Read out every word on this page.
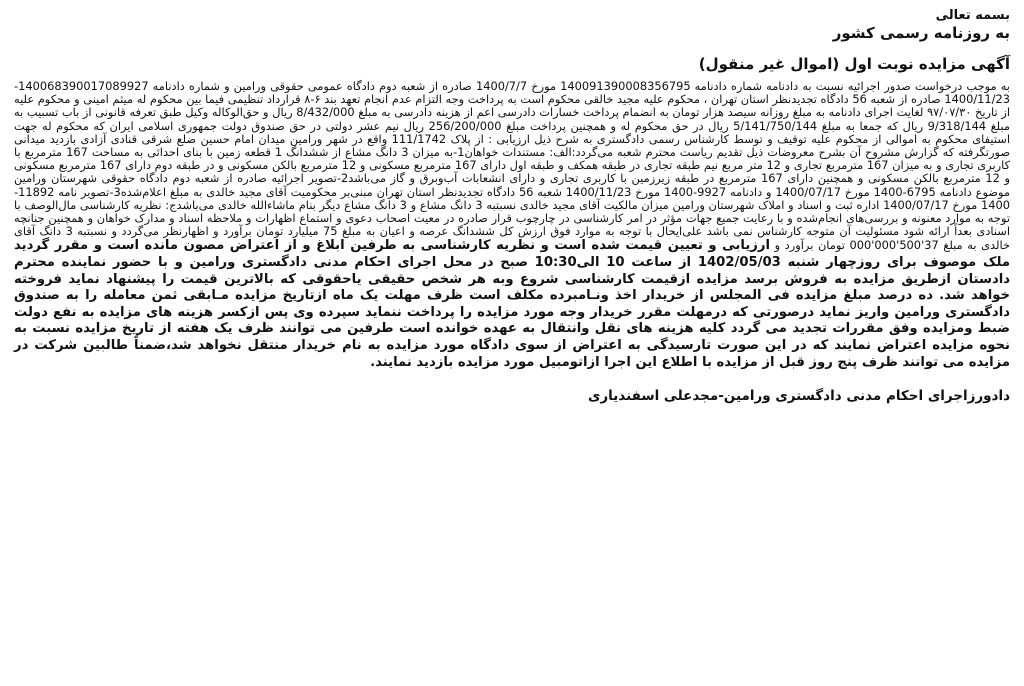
بسمه تعالی

به روزنامه رسمی کشور

آگهی مزایده نوبت اول (اموال غیر منقول)

به موجب درخواست صدور اجرائیه نسبت به دادنامه شماره دادنامه 140091390008356795 مورخ 1400/7/7 صادره از شعبه دوم دادگاه عمومی حقوقی ورامین و شماره دادنامه 140068390017089927-1400/11/23 صادره از شعبه 56 دادگاه تجدیدنظر استان تهران ، محکوم علیه مجید خالقی محکوم است به پرداخت وجه التزام عدم انجام تعهد بند ۶-۸ قرارداد تنظیمی فیما بین محکوم له میثم امینی و محکوم علیه از تاریخ ۹۷/۰۷/۳۰ لغایت اجرای دادنامه به مبلغ روزانه سیصد هزار تومان به انضمام پرداخت خسارات دادرسی اعم از هزینه دادرسی به مبلغ 8/432/000 ریال و حق‌الوکاله وکیل طبق تعرفه قانونی از باب تسبیب به مبلغ 9/318/144 ریال که جمعا به مبلغ 5/141/750/144 ریال در حق محکوم له و همچنین پرداخت مبلغ 256/200/000 ریال نیم عشر دولتی در حق صندوق دولت جمهوری اسلامی ایران که محکوم له جهت استیفای محکوم به اموالی از محکوم علیه توقیف و توسط کارشناس رسمی دادگستری به شرح ذیل ارزیابی : از پلاک 111/1742 واقع در شهر ورامین میدان امام حسین ضلع شرقی قنادی آزادی بازدید میدانی صورتگرفته که گزارش مشروح آن بشرح معروضات ذیل تقدیم ریاست محترم شعبه می‌گردد:الف: مستندات خواهان1-به میزان 3 دانگ مشاع از ششدانگ 1 قطعه زمین با بنای احداثی به مساحت 167 مترمربع با کاربری تجاری و به میزان 167 مترمربع تجاری و 12 متر مربع نیم طبقه تجاری در طبقه همکف و طبقه اول دارای 167 مترمربع مسکونی و 12 مترمربع بالکن مسکونی و در طبقه دوم دارای 167 مترمربع مسکونی و 12 مترمربع بالکن مسکونی و همچنین دارای 167 مترمربع در طبقه زیرزمین با کاربری تجاری و دارای انشعابات آب‌وبرق و گاز می‌باشد2-تصویر اجرائیه صادره از شعبه دوم دادگاه حقوقی شهرستان ورامین موضوع دادنامه 6795-1400 مورخ 1400/07/17 و دادنامه 9927-1400 مورخ 1400/11/23 شعبه 56 دادگاه تجدیدنظر استان تهران مبنی‌بر محکومیت آقای مجید خالدی به مبلغ اعلام‌شده3-تصویر نامه 11892-1400 مورخ 1400/07/17 اداره ثبت و اسناد و املاک شهرستان ورامین میزان مالکیت آقای مجید خالدی نسبتبه 3 دانگ مشاع و 3 دانگ مشاع دیگر بنام ماشاءالله خالدی می‌باشدج: نظریه کارشناسی مال‌الوصف با توجه به موارد معنونه و بررسی‌های انجام‌شده و با رعایت جمیع جهات مؤثر در امر کارشناسی در چارچوب قرار صادره در معیت اصحاب دعوی و استماع اظهارات و ملاحظه اسناد و مدارک خواهان و همچنین جنانچه اسنادی بعداً ارائه شود مسئولیت آن متوجه کارشناس نمی باشد علی‌ایحال با توجه به موارد فوق ارزش کل ششدانگ عرصه و اعیان به مبلغ 75 میلیارد تومان برآورد و اظهارنظر می‌گردد و نسبتبه 3 دانگ آقای خالدی به مبلغ 37'500'000'000 تومان برآورد و ارزیابی و تعیین قیمت شده است و نظریه کارشناسی به طرفین ابلاغ و از اعتراض مصون مانده است و مقرر گردید ملک موصوف برای روزچهار شنبه 1402/05/03 از ساعت 10 الی10:30 صبح در محل اجرای احکام مدنی دادگستری ورامین و با حضور نماینده محترم دادستان ازطریق مزایده به فروش برسد مزایده ازقیمت کارشناسی شروع وبه هر شخص حقیقی یاحقوقی که بالاترین قیمت را پیشنهاد نماید فروخته خواهد شد. ده درصد مبلغ مزایده فی المجلس از خریدار اخذ ونـامبرده مکلف است ظرف مهلت یک ماه ازتاریخ مزایده مـابقی ثمن معامله را به صندوق دادگستری ورامین واریز نماید درصورتی که درمهلت مقرر خریدار وجه مورد مزایده را پرداخت ننماید سپرده وی پس ازکسر هزینه های مزایده به نفع دولت ضبط ومزایده وفق مقررات تجدید می گردد کلیه هزینه های نقل وانتقال به عهده خوانده است طرفین می توانند ظرف یک هفته از تاریخ مزایده نسبت به نحوه مزایده اعتراض نمایند که در این صورت تارسیدگی به اعتراض از سوی دادگاه مورد مزایده به نام خریدار منتقل نخواهد شد،ضمناً طالبین شرکت در مزایده می توانند ظرف پنج روز قبل از مزایده با اطلاع این اجرا ازاتومبیل مورد مزایده بازدید نمایند.

دادورزاجرای احکام مدنی دادگستری ورامین-مجدعلی اسفندیاری
